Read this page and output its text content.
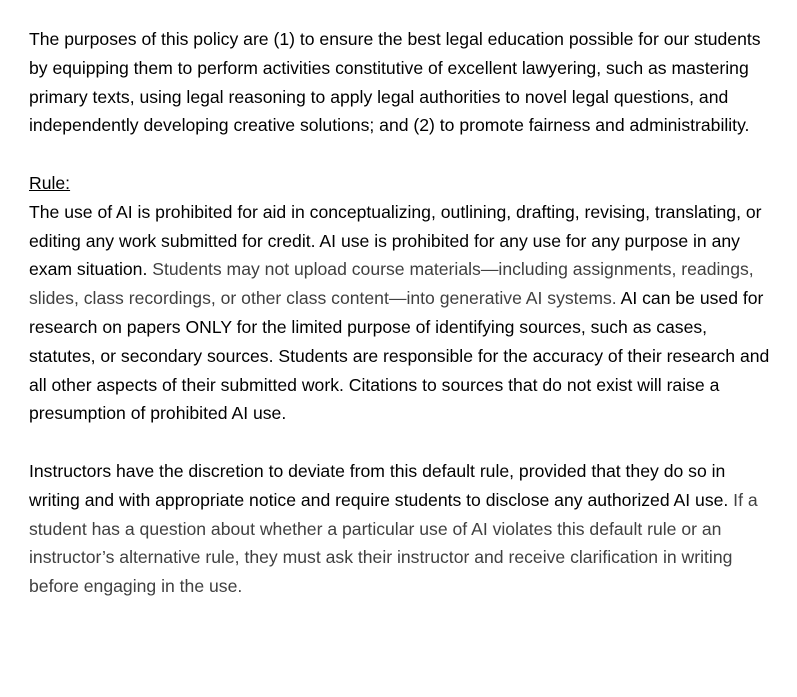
The purposes of this policy are (1) to ensure the best legal education possible for our students by equipping them to perform activities constitutive of excellent lawyering, such as mastering primary texts, using legal reasoning to apply legal authorities to novel legal questions, and independently developing creative solutions; and (2) to promote fairness and administrability.

Rule:

The use of AI is prohibited for aid in conceptualizing, outlining, drafting, revising, translating, or editing any work submitted for credit. AI use is prohibited for any use for any purpose in any exam situation. Students may not upload course materials—including assignments, readings, slides, class recordings, or other class content—into generative AI systems. AI can be used for research on papers ONLY for the limited purpose of identifying sources, such as cases, statutes, or secondary sources. Students are responsible for the accuracy of their research and all other aspects of their submitted work. Citations to sources that do not exist will raise a presumption of prohibited AI use.

Instructors have the discretion to deviate from this default rule, provided that they do so in writing and with appropriate notice and require students to disclose any authorized AI use. If a student has a question about whether a particular use of AI violates this default rule or an instructor’s alternative rule, they must ask their instructor and receive clarification in writing before engaging in the use.
